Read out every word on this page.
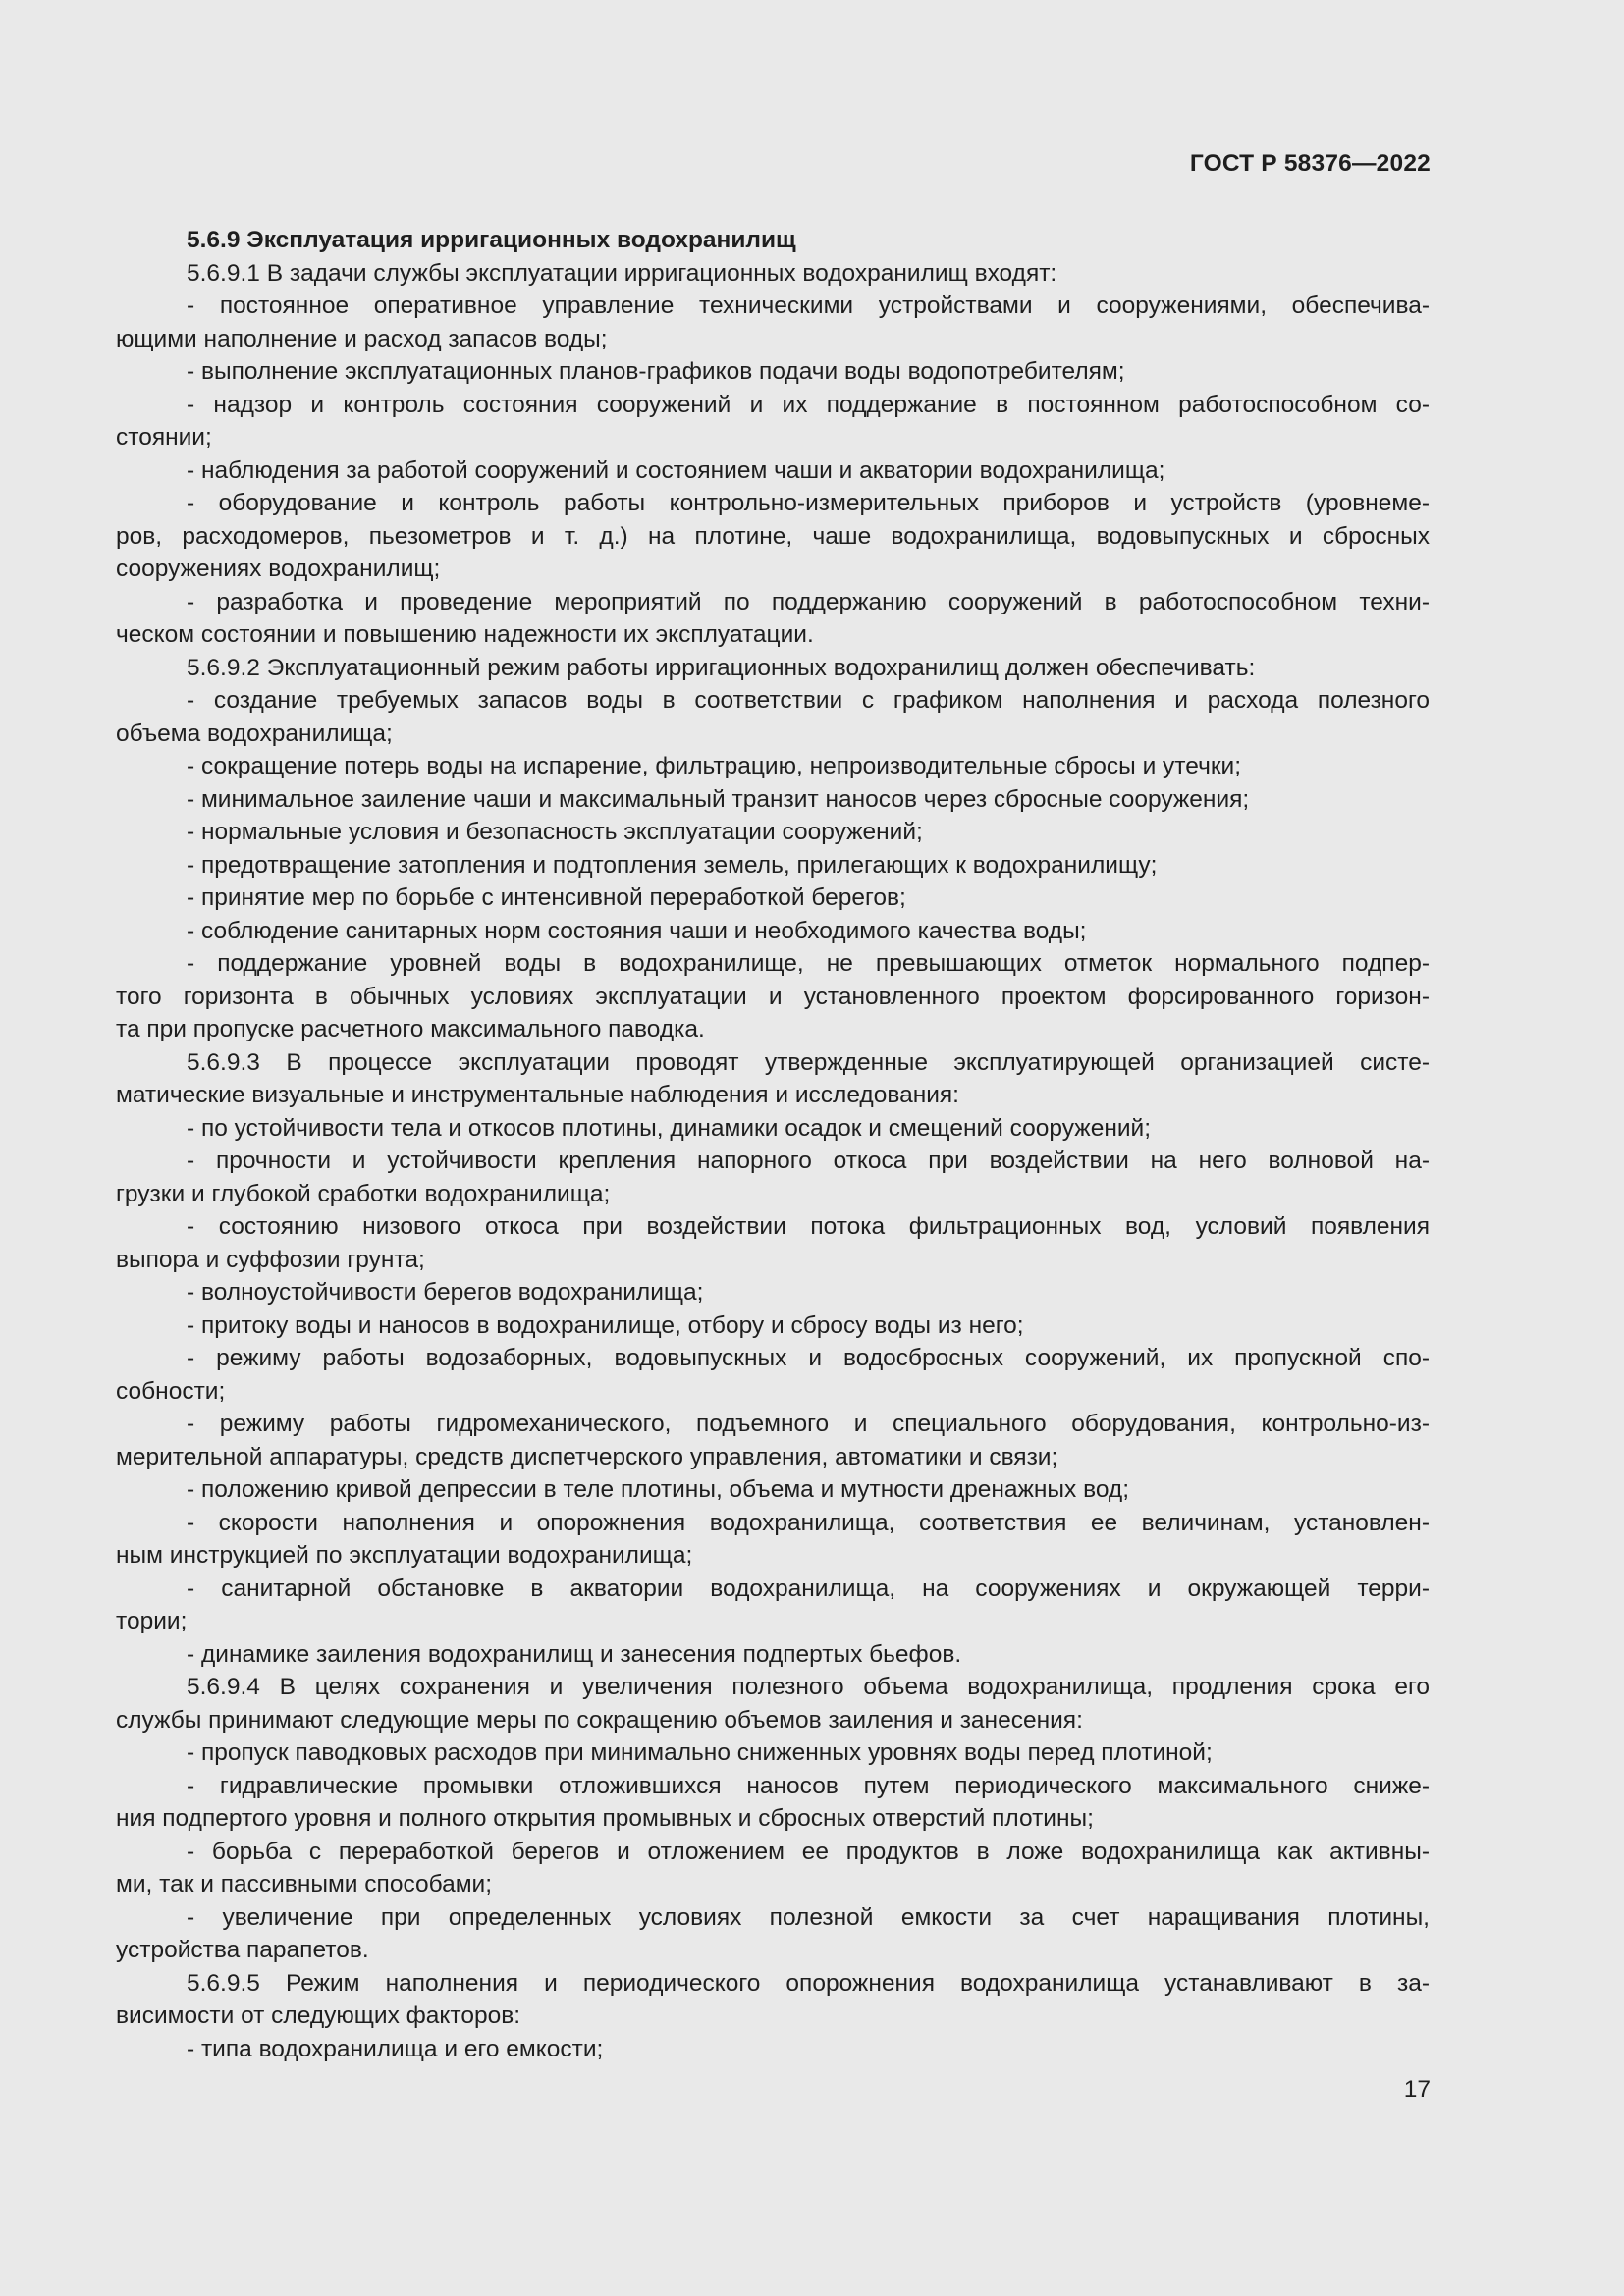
ГОСТ Р 58376—2022
5.6.9 Эксплуатация ирригационных водохранилищ
5.6.9.1 В задачи службы эксплуатации ирригационных водохранилищ входят:
- постоянное оперативное управление техническими устройствами и сооружениями, обеспечива-
ющими наполнение и расход запасов воды;
- выполнение эксплуатационных планов-графиков подачи воды водопотребителям;
- надзор и контроль состояния сооружений и их поддержание в постоянном работоспособном со-
стоянии;
- наблюдения за работой сооружений и состоянием чаши и акватории водохранилища;
- оборудование и контроль работы контрольно-измерительных приборов и устройств (уровнеме-
ров, расходомеров, пьезометров и т. д.) на плотине, чаше водохранилища, водовыпускных и сбросных
сооружениях водохранилищ;
- разработка и проведение мероприятий по поддержанию сооружений в работоспособном техни-
ческом состоянии и повышению надежности их эксплуатации.
5.6.9.2 Эксплуатационный режим работы ирригационных водохранилищ должен обеспечивать:
- создание требуемых запасов воды в соответствии с графиком наполнения и расхода полезного
объема водохранилища;
- сокращение потерь воды на испарение, фильтрацию, непроизводительные сбросы и утечки;
- минимальное заиление чаши и максимальный транзит наносов через сбросные сооружения;
- нормальные условия и безопасность эксплуатации сооружений;
- предотвращение затопления и подтопления земель, прилегающих к водохранилищу;
- принятие мер по борьбе с интенсивной переработкой берегов;
- соблюдение санитарных норм состояния чаши и необходимого качества воды;
- поддержание уровней воды в водохранилище, не превышающих отметок нормального подпер-
того горизонта в обычных условиях эксплуатации и установленного проектом форсированного горизон-
та при пропуске расчетного максимального паводка.
5.6.9.3 В процессе эксплуатации проводят утвержденные эксплуатирующей организацией систе-
матические визуальные и инструментальные наблюдения и исследования:
- по устойчивости тела и откосов плотины, динамики осадок и смещений сооружений;
- прочности и устойчивости крепления напорного откоса при воздействии на него волновой на-
грузки и глубокой сработки водохранилища;
- состоянию низового откоса при воздействии потока фильтрационных вод, условий появления
выпора и суффозии грунта;
- волноустойчивости берегов водохранилища;
- притоку воды и наносов в водохранилище, отбору и сбросу воды из него;
- режиму работы водозаборных, водовыпускных и водосбросных сооружений, их пропускной спо-
собности;
- режиму работы гидромеханического, подъемного и специального оборудования, контрольно-из-
мерительной аппаратуры, средств диспетчерского управления, автоматики и связи;
- положению кривой депрессии в теле плотины, объема и мутности дренажных вод;
- скорости наполнения и опорожнения водохранилища, соответствия ее величинам, установлен-
ным инструкцией по эксплуатации водохранилища;
- санитарной обстановке в акватории водохранилища, на сооружениях и окружающей терри-
тории;
- динамике заиления водохранилищ и занесения подпертых бьефов.
5.6.9.4 В целях сохранения и увеличения полезного объема водохранилища, продления срока его
службы принимают следующие меры по сокращению объемов заиления и занесения:
- пропуск паводковых расходов при минимально сниженных уровнях воды перед плотиной;
- гидравлические промывки отложившихся наносов путем периодического максимального сниже-
ния подпертого уровня и полного открытия промывных и сбросных отверстий плотины;
- борьба с переработкой берегов и отложением ее продуктов в ложе водохранилища как активны-
ми, так и пассивными способами;
- увеличение при определенных условиях полезной емкости за счет наращивания плотины,
устройства парапетов.
5.6.9.5 Режим наполнения и периодического опорожнения водохранилища устанавливают в за-
висимости от следующих факторов:
- типа водохранилища и его емкости;
17
